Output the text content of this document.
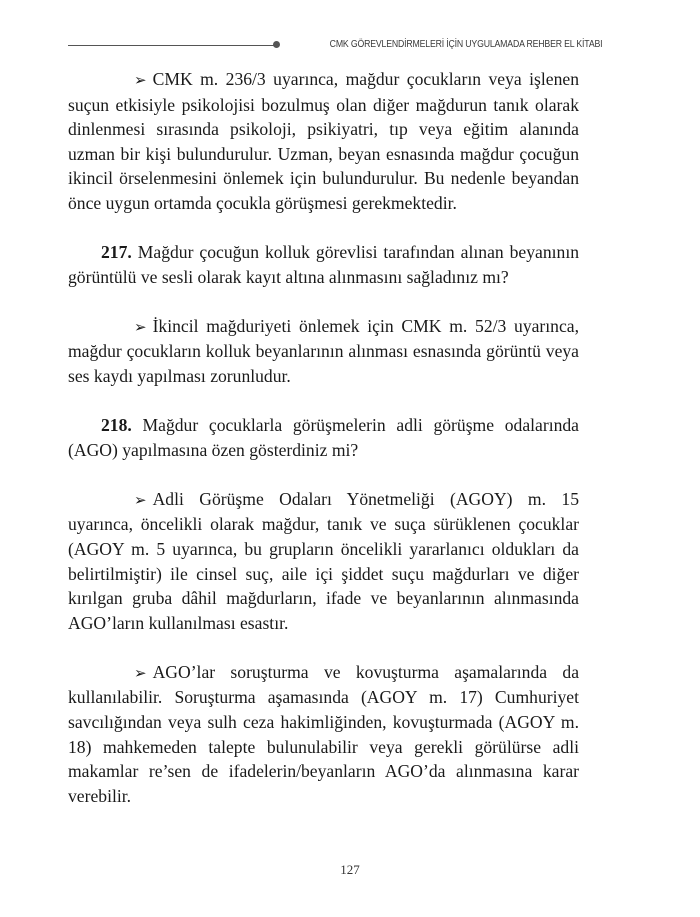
CMK GÖREVLENDİRMELERİ İÇİN UYGULAMADA REHBER EL KİTABI

➢ CMK m. 236/3 uyarınca, mağdur çocukların veya işlenen suçun etkisiyle psikolojisi bozulmuş olan diğer mağdurun tanık olarak dinlenmesi sırasında psikoloji, psikiyatri, tıp veya eğitim alanında uzman bir kişi bulundurulur. Uzman, beyan esnasında mağdur çocuğun ikincil örselenmesini önlemek için bulundurulur. Bu nedenle beyandan önce uygun ortamda çocukla görüşmesi gerekmektedir.

217. Mağdur çocuğun kolluk görevlisi tarafından alınan beyanının görüntülü ve sesli olarak kayıt altına alınmasını sağladınız mı?

➢ İkincil mağduriyeti önlemek için CMK m. 52/3 uyarınca, mağdur çocukların kolluk beyanlarının alınması esnasında görüntü veya ses kaydı yapılması zorunludur.

218. Mağdur çocuklarla görüşmelerin adli görüşme odalarında (AGO) yapılmasına özen gösterdiniz mi?

➢ Adli Görüşme Odaları Yönetmeliği (AGOY) m. 15 uyarınca, öncelikli olarak mağdur, tanık ve suça sürüklenen çocuklar (AGOY m. 5 uyarınca, bu grupların öncelikli yararlanıcı oldukları da belirtilmiştir) ile cinsel suç, aile içi şiddet suçu mağdurları ve diğer kırılgan gruba dâhil mağdurların, ifade ve beyanlarının alınmasında AGO’ların kullanılması esastır.

➢ AGO’lar soruşturma ve kovuşturma aşamalarında da kullanılabilir. Soruşturma aşamasında (AGOY m. 17) Cumhuriyet savcılığından veya sulh ceza hakimliğinden, kovuşturmada (AGOY m. 18) mahkemeden talepte bulunulabilir veya gerekli görülürse adli makamlar re’sen de ifadelerin/beyanların AGO’da alınmasına karar verebilir.

127
